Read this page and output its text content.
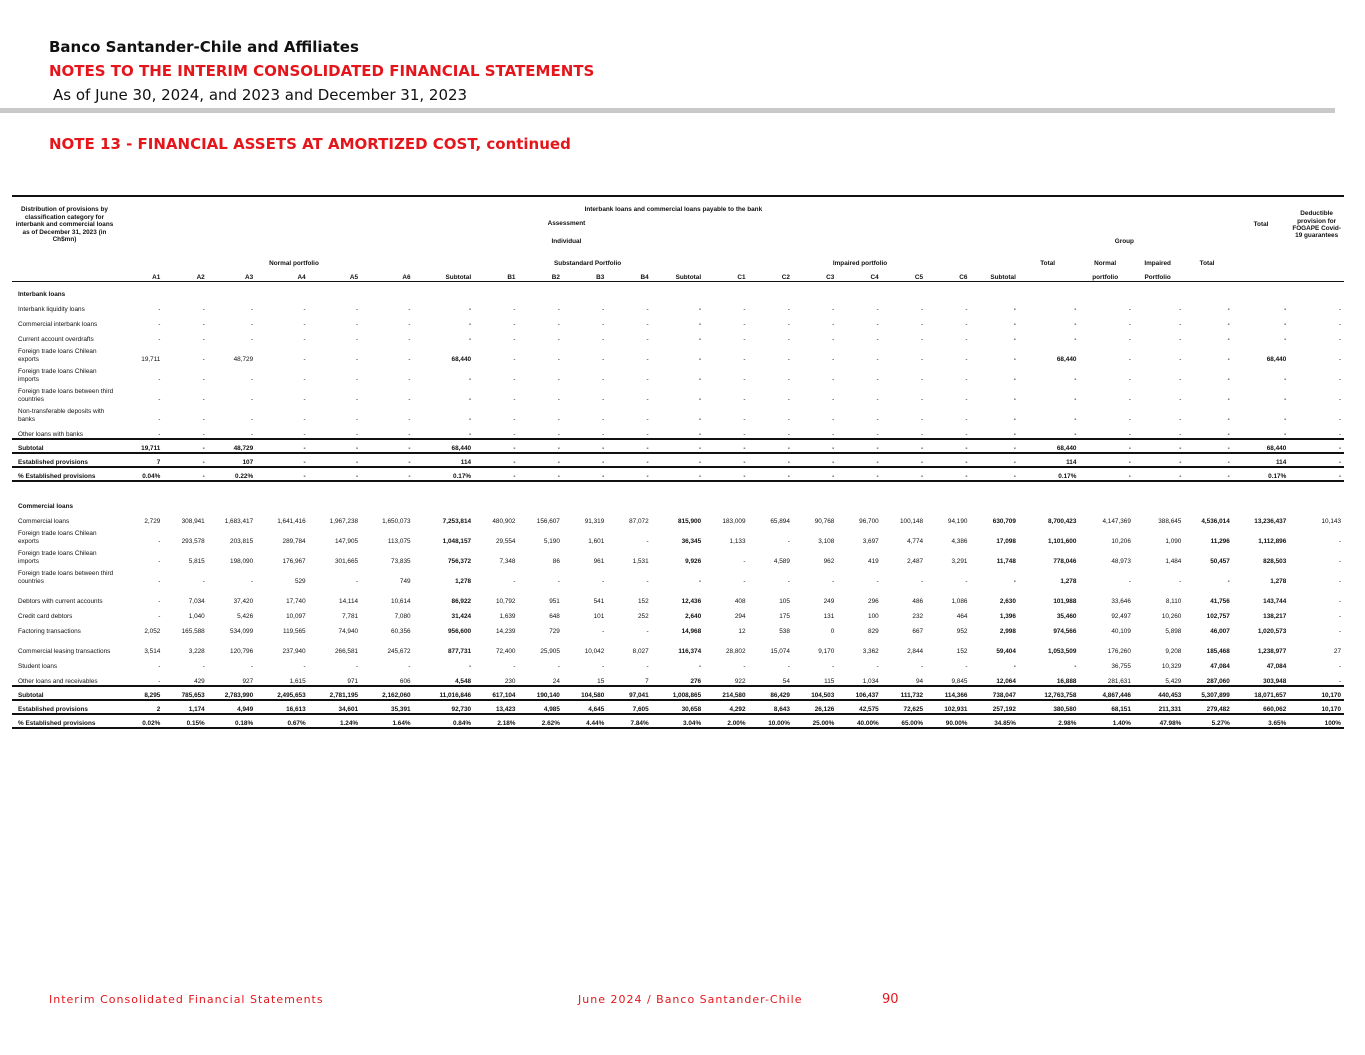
Banco Santander-Chile and Affiliates
NOTES TO THE INTERIM CONSOLIDATED FINANCIAL STATEMENTS
As of June 30, 2024, and 2023 and December 31, 2023
NOTE 13 - FINANCIAL ASSETS AT AMORTIZED COST, continued

Distribution of provisions by classification category for interbank and commercial loans as of December 31, 2023 (in Ch$mn)	Interbank loans and commercial loans payable to the bank																							Total	Deductible provision for FOGAPE Covid-19 guarantees
	Assessment																								
	Individual																			Group					

	Normal portfolio							Substandard Portfolio					Impaired portfolio							Total	Normal	Impaired	Total		
	A1	A2	A3	A4	A5	A6	Subtotal	B1	B2	B3	B4	Subtotal	C1	C2	C3	C4	C5	C6	Subtotal		portfolio	Portfolio			
Interbank loans																									
Interbank liquidity loans	-	-	-	-	-	-	-	-	-	-	-	-	-	-	-	-	-	-	-	-	-	-	-	-	-
Commercial interbank loans	-	-	-	-	-	-	-	-	-	-	-	-	-	-	-	-	-	-	-	-	-	-	-	-	-
Current account overdrafts	-	-	-	-	-	-	-	-	-	-	-	-	-	-	-	-	-	-	-	-	-	-	-	-	-
Foreign trade loans Chilean exports	19,711	-	48,729	-	-	-	68,440	-	-	-	-	-	-	-	-	-	-	-	-	68,440	-	-	-	68,440	-
Foreign trade loans Chilean imports	-	-	-	-	-	-	-	-	-	-	-	-	-	-	-	-	-	-	-	-	-	-	-	-	-
Foreign trade loans between third countries	-	-	-	-	-	-	-	-	-	-	-	-	-	-	-	-	-	-	-	-	-	-	-	-	-
Non-transferable deposits with banks	-	-	-	-	-	-	-	-	-	-	-	-	-	-	-	-	-	-	-	-	-	-	-	-	-
Other loans with banks	-	-	-	-	-	-	-	-	-	-	-	-	-	-	-	-	-	-	-	-	-	-	-	-	-
Subtotal	19,711	-	48,729	-	-	-	68,440	-	-	-	-	-	-	-	-	-	-	-	-	68,440	-	-	-	68,440	-
Established provisions	7	-	107	-	-	-	114	-	-	-	-	-	-	-	-	-	-	-	-	114	-	-	-	114	-
% Established provisions	0.04%	-	0.22%	-	-	-	0.17%	-	-	-	-	-	-	-	-	-	-	-	-	0.17%	-	-	-	0.17%	-

Commercial loans																									
Commercial loans	2,729	308,941	1,683,417	1,641,416	1,967,238	1,650,073	7,253,814	480,902	156,607	91,319	87,072	815,900	183,009	65,894	90,768	96,700	100,148	94,190	630,709	8,700,423	4,147,369	388,645	4,536,014	13,236,437	10,143
Foreign trade loans Chilean exports	-	293,578	203,815	289,784	147,905	113,075	1,048,157	29,554	5,190	1,601	-	36,345	1,133	-	3,108	3,697	4,774	4,386	17,098	1,101,600	10,206	1,090	11,296	1,112,896	-
Foreign trade loans Chilean imports	-	5,815	198,090	176,967	301,665	73,835	756,372	7,348	86	961	1,531	9,926	-	4,589	962	419	2,487	3,291	11,748	778,046	48,973	1,484	50,457	828,503	-
Foreign trade loans between third countries	-	-	-	529	-	749	1,278	-	-	-	-	-	-	-	-	-	-	-	-	1,278	-	-	-	1,278	-
Debtors with current accounts	-	7,034	37,420	17,740	14,114	10,614	86,922	10,792	951	541	152	12,436	408	105	249	296	486	1,086	2,630	101,988	33,646	8,110	41,756	143,744	-
Credit card debtors	-	1,040	5,426	10,097	7,781	7,080	31,424	1,639	648	101	252	2,640	294	175	131	100	232	464	1,396	35,460	92,497	10,260	102,757	138,217	-
Factoring transactions	2,052	165,588	534,099	119,565	74,940	60,356	956,600	14,239	729	-	-	14,968	12	538	0	829	667	952	2,998	974,566	40,109	5,898	46,007	1,020,573	-
Commercial leasing transactions	3,514	3,228	120,796	237,940	266,581	245,672	877,731	72,400	25,905	10,042	8,027	116,374	28,802	15,074	9,170	3,362	2,844	152	59,404	1,053,509	176,260	9,208	185,468	1,238,977	27
Student loans	-	-	-	-	-	-	-	-	-	-	-	-	-	-	-	-	-	-	-	-	36,755	10,329	47,084	47,084	-
Other loans and receivables	-	429	927	1,615	971	606	4,548	230	24	15	7	276	922	54	115	1,034	94	9,845	12,064	16,888	281,631	5,429	287,060	303,948	-
Subtotal	8,295	785,653	2,783,990	2,495,653	2,781,195	2,162,060	11,016,846	617,104	190,140	104,580	97,041	1,008,865	214,580	86,429	104,503	106,437	111,732	114,366	738,047	12,763,758	4,867,446	440,453	5,307,899	18,071,657	10,170
Established provisions	2	1,174	4,949	16,613	34,601	35,391	92,730	13,423	4,985	4,645	7,605	30,658	4,292	8,643	26,126	42,575	72,625	102,931	257,192	380,580	68,151	211,331	279,482	660,062	10,170
% Established provisions	0.02%	0.15%	0.18%	0.67%	1.24%	1.64%	0.84%	2.18%	2.62%	4.44%	7.84%	3.04%	2.00%	10.00%	25.00%	40.00%	65.00%	90.00%	34.85%	2.98%	1.40%	47.98%	5.27%	3.65%	100%

Interim Consolidated Financial Statements	June 2024 / Banco Santander-Chile	90
